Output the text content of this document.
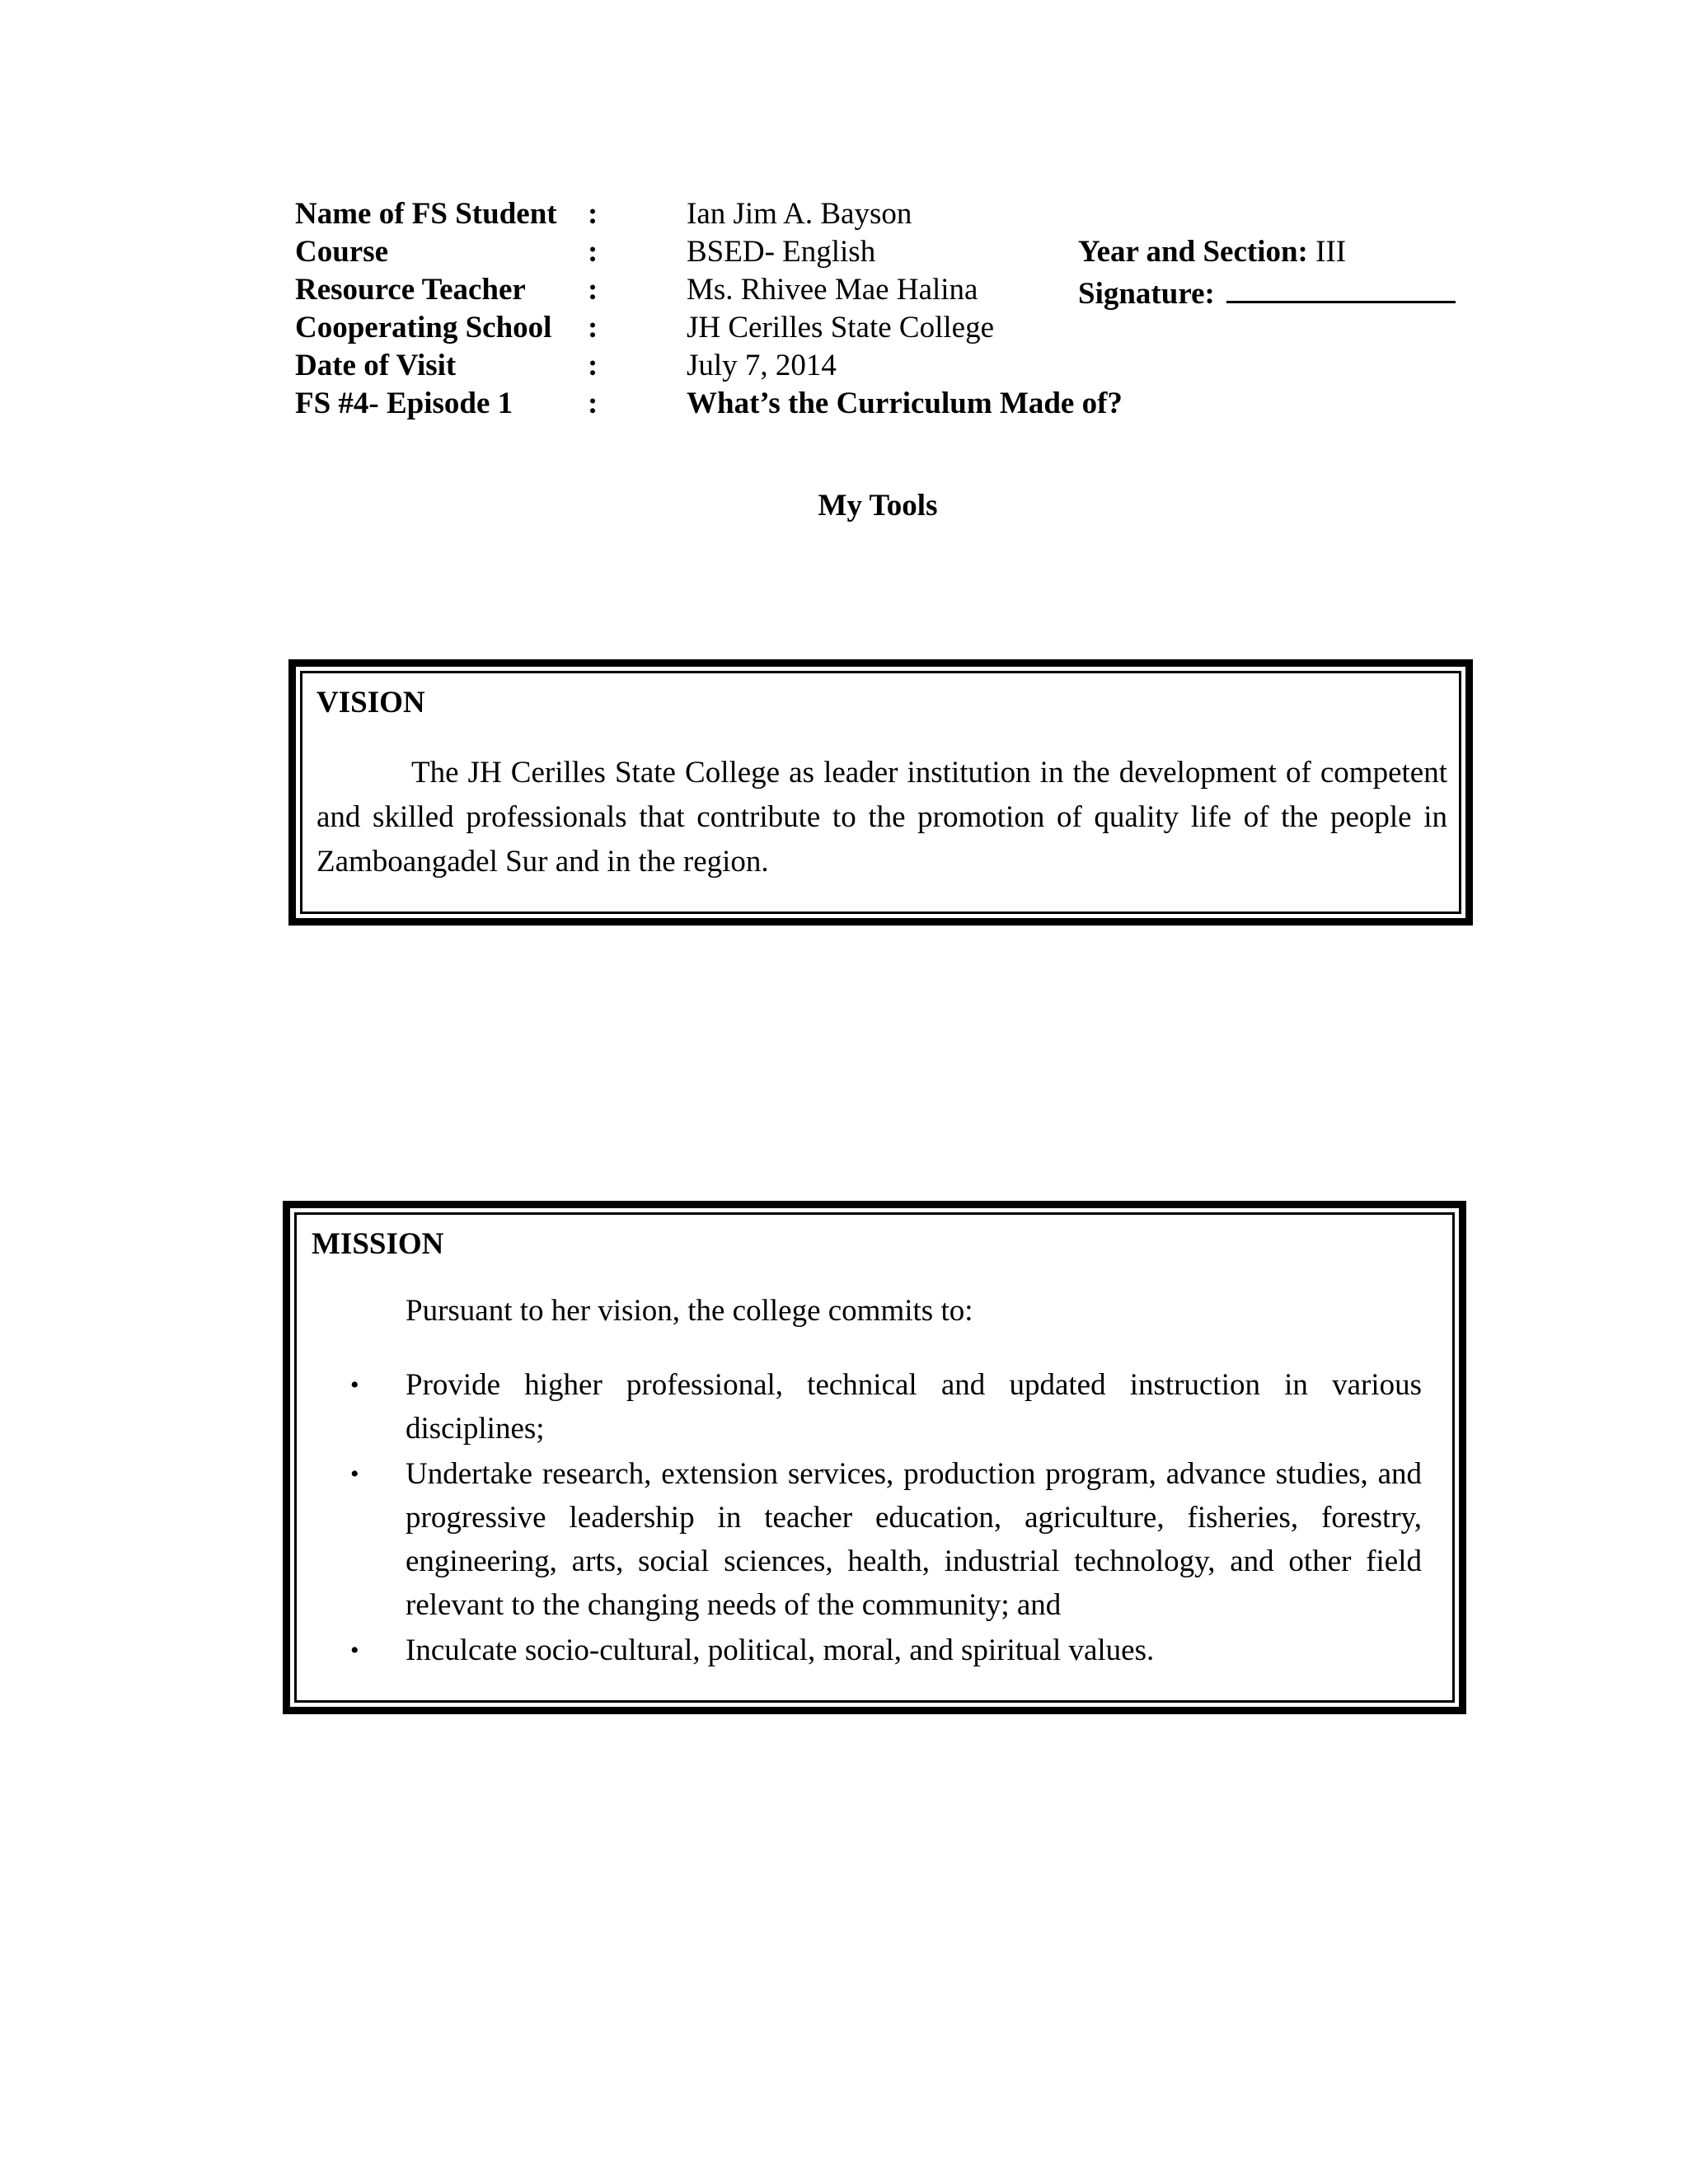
Name of FS Student :	Ian Jim A. Bayson
Course	:	BSED- English	Year and Section: III
Resource Teacher :	Ms. Rhivee Mae Halina	Signature:
Cooperating School :	JH Cerilles State College
Date of Visit	:	July 7, 2014
FS #4- Episode 1 :	What’s the Curriculum Made of?
My Tools
VISION
The JH Cerilles State College as leader institution in the development of competent and skilled professionals that contribute to the promotion of quality life of the people in Zamboangadel Sur and in the region.
MISSION
Pursuant to her vision, the college commits to:
• Provide higher professional, technical and updated instruction in various disciplines;
• Undertake research, extension services, production program, advance studies, and progressive leadership in teacher education, agriculture, fisheries, forestry, engineering, arts, social sciences, health, industrial technology, and other field relevant to the changing needs of the community; and
• Inculcate socio-cultural, political, moral, and spiritual values.
